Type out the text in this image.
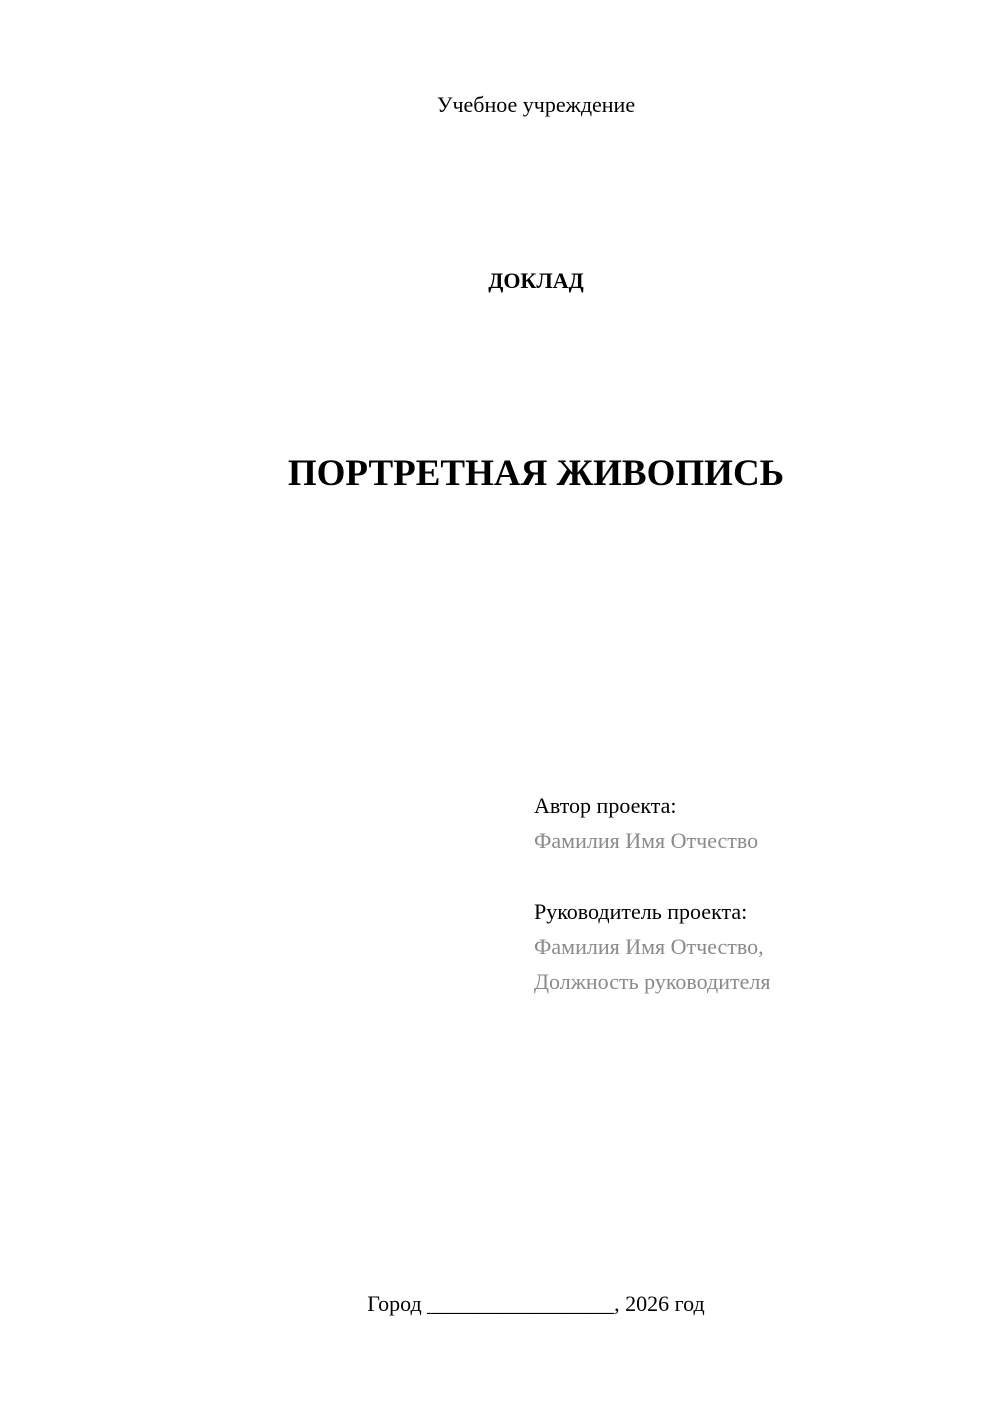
Учебное учреждение
ДОКЛАД
ПОРТРЕТНАЯ ЖИВОПИСЬ
Автор проекта:
Фамилия Имя Отчество
Руководитель проекта:
Фамилия Имя Отчество,
Должность руководителя
Город _________________, 2026 год
